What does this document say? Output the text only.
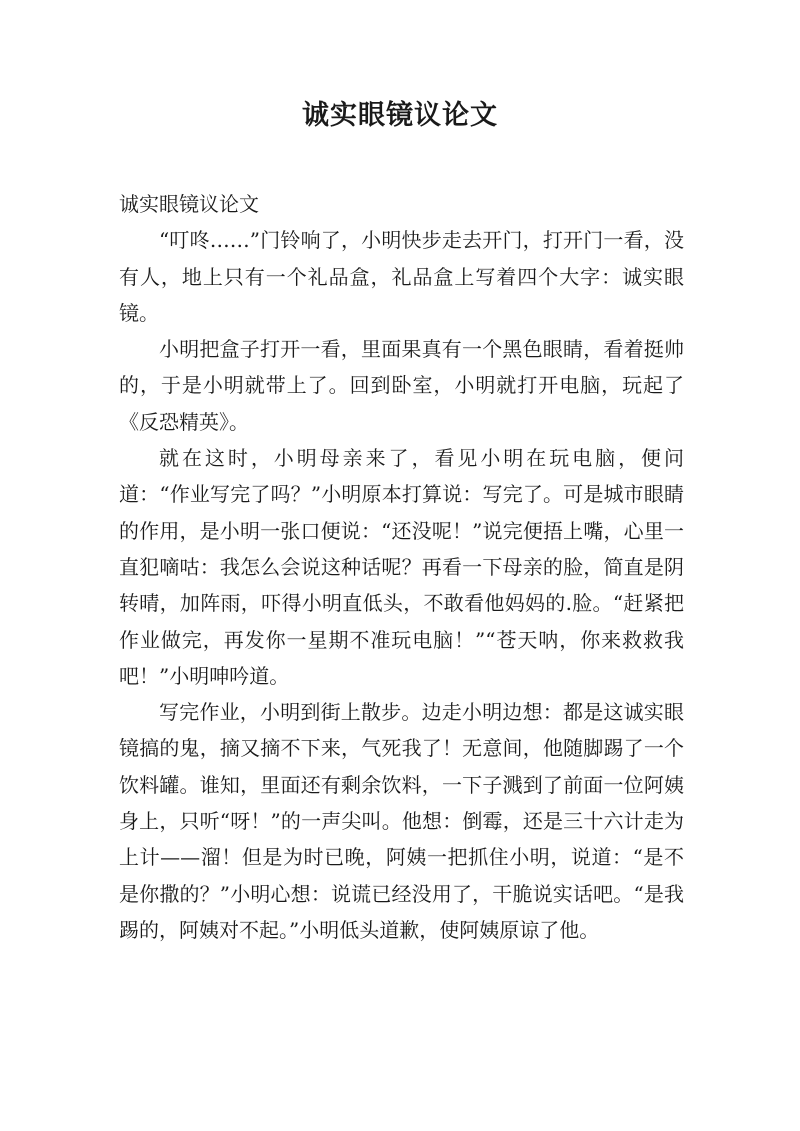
诚实眼镜议论文

诚实眼镜议论文

“叮咚……”门铃响了，小明快步走去开门，打开门一看，没有人，地上只有一个礼品盒，礼品盒上写着四个大字：诚实眼镜。

小明把盒子打开一看，里面果真有一个黑色眼睛，看着挺帅的，于是小明就带上了。回到卧室，小明就打开电脑，玩起了《反恐精英》。

就在这时，小明母亲来了，看见小明在玩电脑，便问道：“作业写完了吗？”小明原本打算说：写完了。可是城市眼睛的作用，是小明一张口便说：“还没呢！”说完便捂上嘴，心里一直犯嘀咕：我怎么会说这种话呢？再看一下母亲的脸，简直是阴转晴，加阵雨，吓得小明直低头，不敢看他妈妈的.脸。“赶紧把作业做完，再发你一星期不准玩电脑！”“苍天呐，你来救救我吧！”小明呻吟道。

写完作业，小明到街上散步。边走小明边想：都是这诚实眼镜搞的鬼，摘又摘不下来，气死我了！无意间，他随脚踢了一个饮料罐。谁知，里面还有剩余饮料，一下子溅到了前面一位阿姨身上，只听“呀！”的一声尖叫。他想：倒霉，还是三十六计走为上计——溜！但是为时已晚，阿姨一把抓住小明，说道：“是不是你撒的？”小明心想：说谎已经没用了，干脆说实话吧。“是我踢的，阿姨对不起。”小明低头道歉，使阿姨原谅了他。
